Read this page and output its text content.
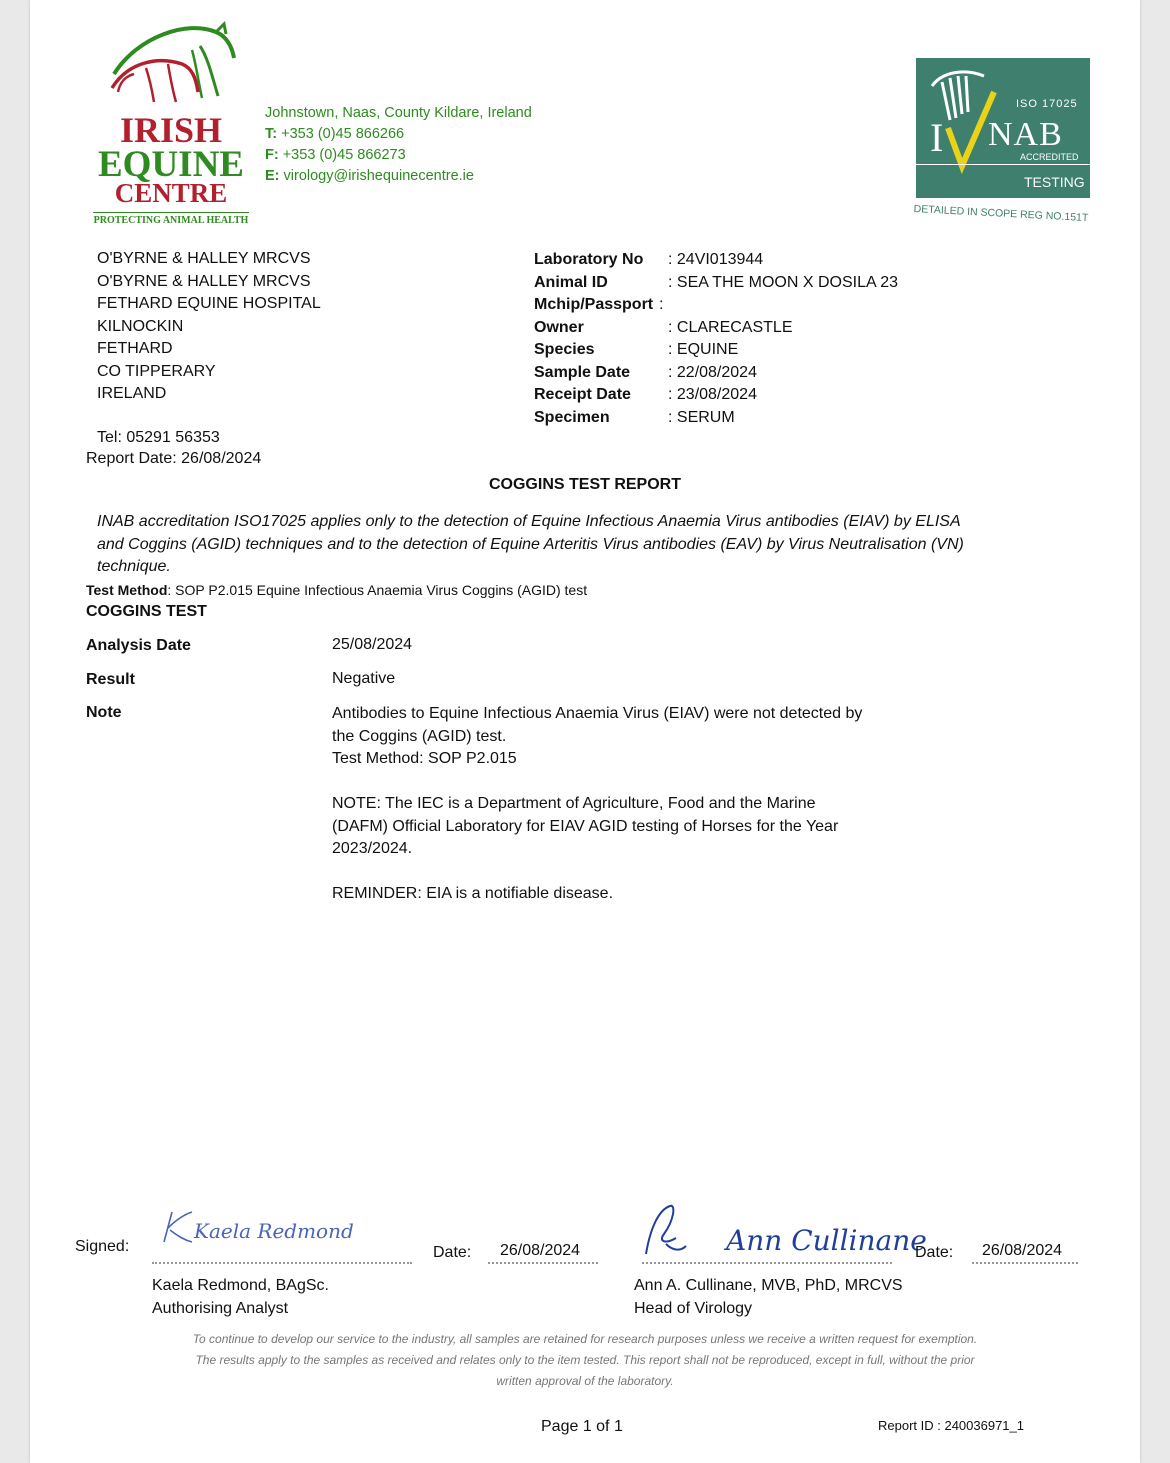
IRISH
EQUINE
CENTRE
PROTECTING ANIMAL HEALTH
Johnstown, Naas, County Kildare, Ireland
T: +353 (0)45 866266
F: +353 (0)45 866273
E: virology@irishequinecentre.ie
ISO 17025
I NAB
ACCREDITED
TESTING
DETAILED IN SCOPE REG NO.151T
O'BYRNE & HALLEY MRCVS
O'BYRNE & HALLEY MRCVS
FETHARD EQUINE HOSPITAL
KILNOCKIN
FETHARD
CO TIPPERARY
IRELAND
Tel: 05291 56353
Report Date: 26/08/2024
Laboratory No : 24VI013944
Animal ID	: SEA THE MOON X DOSILA 23
Mchip/Passport :
Owner	: CLARECASTLE
Species	: EQUINE
Sample Date : 22/08/2024
Receipt Date : 23/08/2024
Specimen	: SERUM
COGGINS TEST REPORT
INAB accreditation ISO17025 applies only to the detection of Equine Infectious Anaemia Virus antibodies (EIAV) by ELISA
and Coggins (AGID) techniques and to the detection of Equine Arteritis Virus antibodies (EAV) by Virus Neutralisation (VN)
technique.
Test Method: SOP P2.015 Equine Infectious Anaemia Virus Coggins (AGID) test
COGGINS TEST
Analysis Date	25/08/2024
Result	Negative
Note	Antibodies to Equine Infectious Anaemia Virus (EIAV) were not detected by
the Coggins (AGID) test.
Test Method: SOP P2.015
NOTE: The IEC is a Department of Agriculture, Food and the Marine
(DAFM) Official Laboratory for EIAV AGID testing of Horses for the Year
2023/2024.
REMINDER: EIA is a notifiable disease.
Signed:
Kaela Redmond
Date: 26/08/2024	Ann Cullinane
Date: 26/08/2024
Kaela Redmond, BAgSc.
Authorising Analyst
Ann A. Cullinane, MVB, PhD, MRCVS
Head of Virology
To continue to develop our service to the industry, all samples are retained for research purposes unless we receive a written request for exemption.
The results apply to the samples as received and relates only to the item tested. This report shall not be reproduced, except in full, without the prior
written approval of the laboratory.
Page 1 of 1	Report ID : 240036971_1
